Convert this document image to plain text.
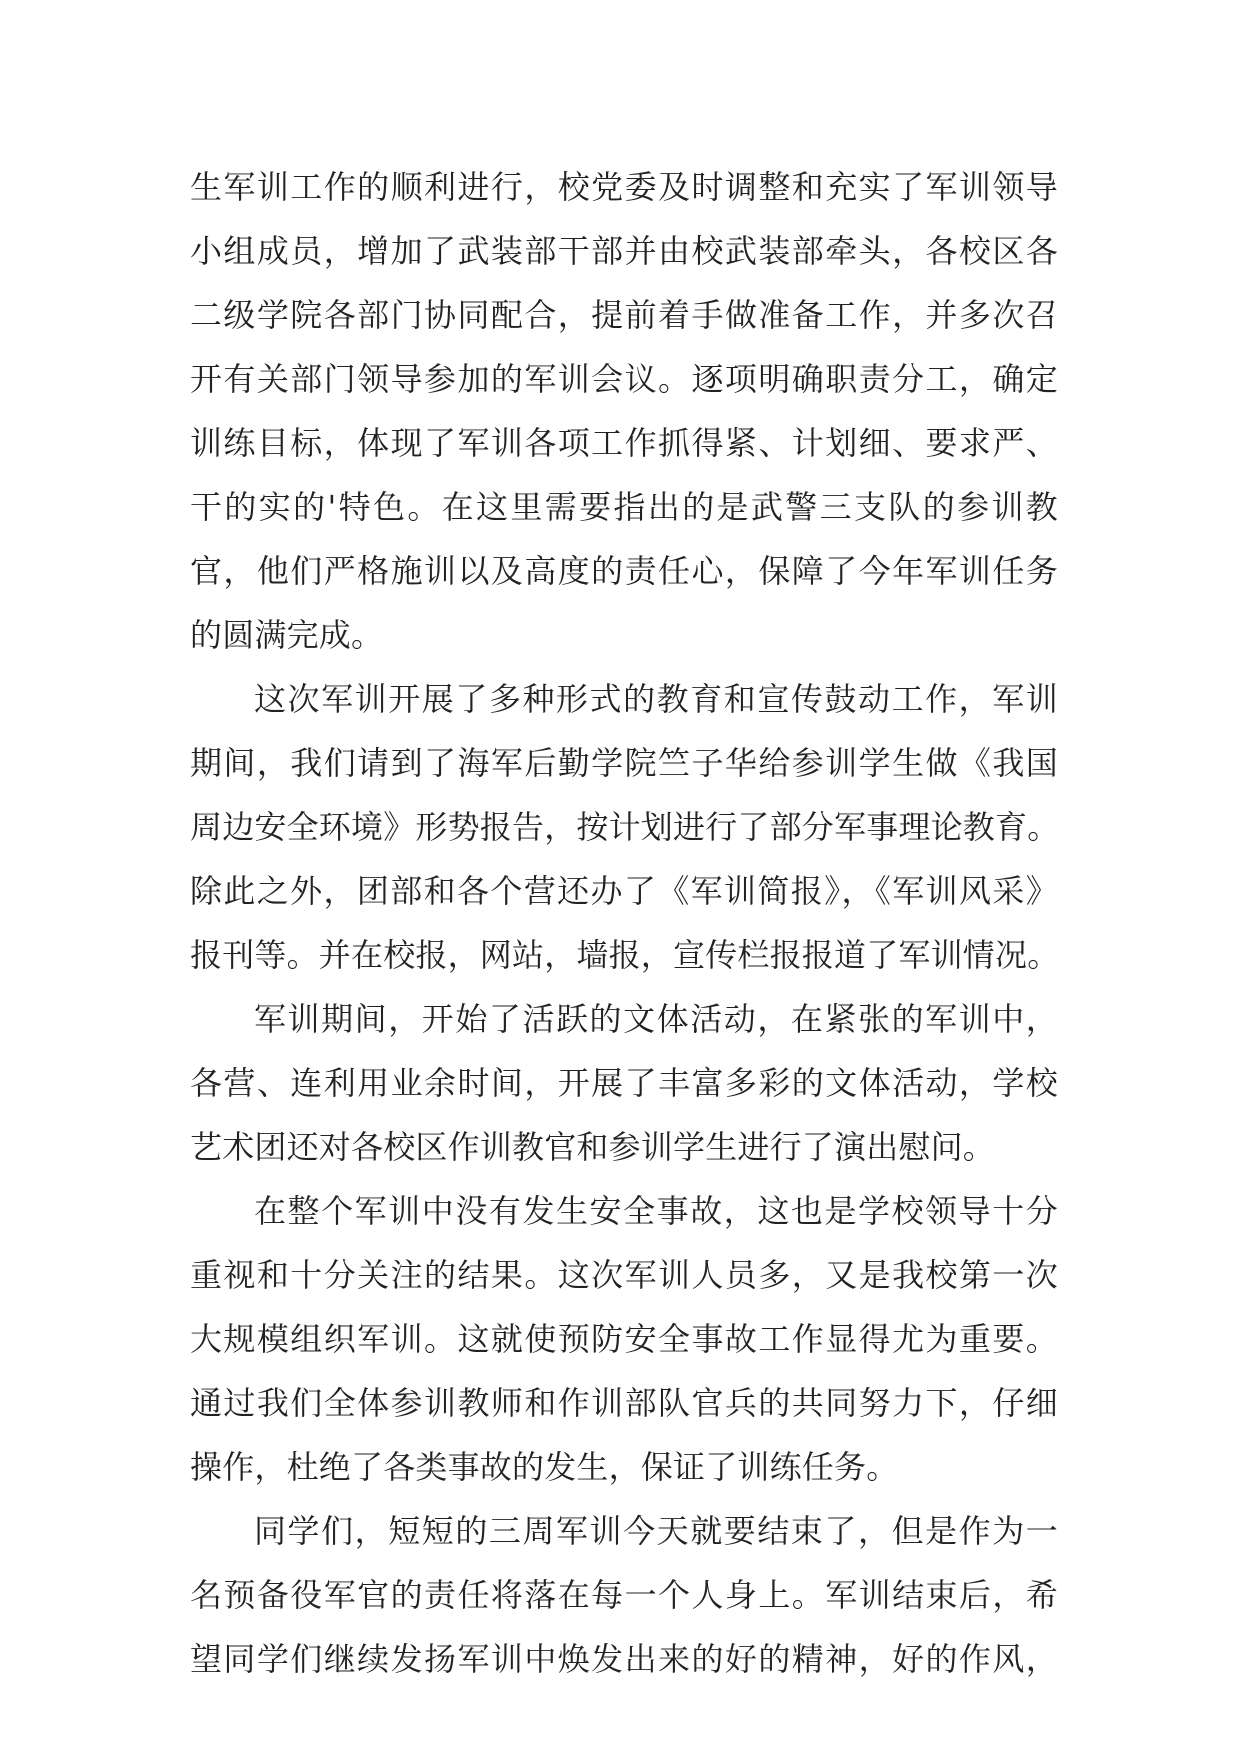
生军训工作的顺利进行，校党委及时调整和充实了军训领导
小组成员，增加了武装部干部并由校武装部牵头，各校区各
二级学院各部门协同配合，提前着手做准备工作，并多次召
开有关部门领导参加的军训会议。逐项明确职责分工，确定
训练目标，体现了军训各项工作抓得紧、计划细、要求严、
干的实的'特色。在这里需要指出的是武警三支队的参训教
官，他们严格施训以及高度的责任心，保障了今年军训任务
的圆满完成。
这次军训开展了多种形式的教育和宣传鼓动工作，军训
期间，我们请到了海军后勤学院竺子华给参训学生做《我国
周边安全环境》形势报告，按计划进行了部分军事理论教育。
除此之外，团部和各个营还办了《军训简报》，《军训风采》
报刊等。并在校报，网站，墙报，宣传栏报报道了军训情况。
军训期间，开始了活跃的文体活动，在紧张的军训中，
各营、连利用业余时间，开展了丰富多彩的文体活动，学校
艺术团还对各校区作训教官和参训学生进行了演出慰问。
在整个军训中没有发生安全事故，这也是学校领导十分
重视和十分关注的结果。这次军训人员多，又是我校第一次
大规模组织军训。这就使预防安全事故工作显得尤为重要。
通过我们全体参训教师和作训部队官兵的共同努力下，仔细
操作，杜绝了各类事故的发生，保证了训练任务。
同学们，短短的三周军训今天就要结束了，但是作为一
名预备役军官的责任将落在每一个人身上。军训结束后，希
望同学们继续发扬军训中焕发出来的好的精神，好的作风，
